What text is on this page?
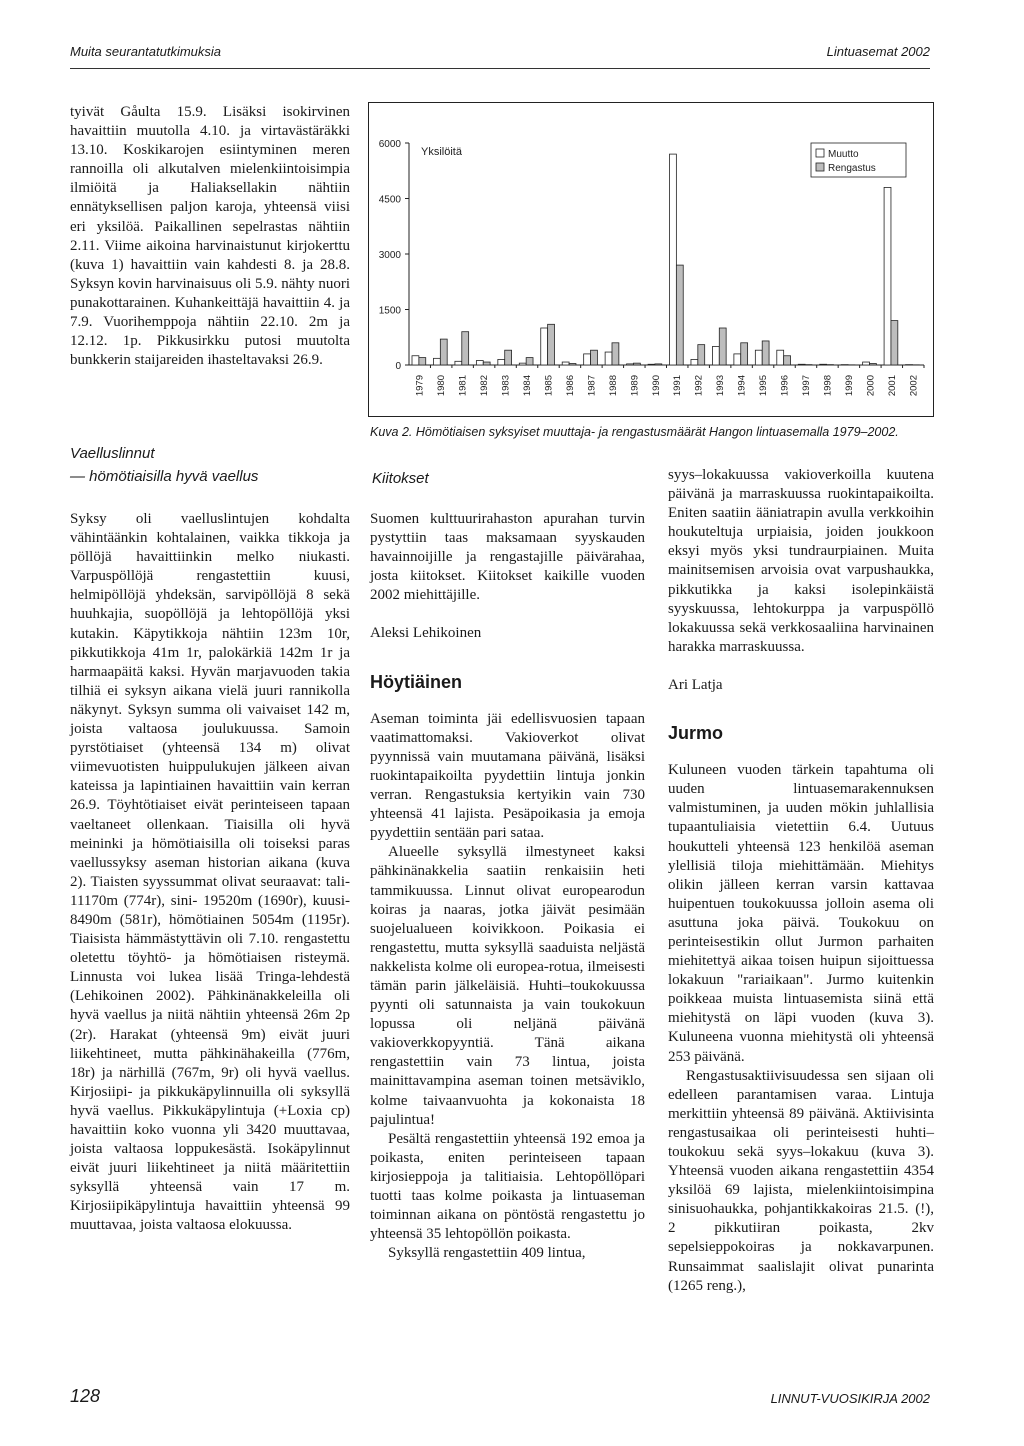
Muita seurantatutkimuksia	Lintuasemat 2002

tyivät Gåulta 15.9. Lisäksi isokirvinen havaittiin muutolla 4.10. ja virtavästäräkki 13.10. Koskikarojen esiintyminen meren rannoilla oli alkutalven mielenkiintoisimpia ilmiöitä ja Haliaksellakin nähtiin ennätyksellisen paljon karoja, yhteensä viisi eri yksilöä. Paikallinen sepelrastas nähtiin 2.11. Viime aikoina harvinaistunut kirjokerttu (kuva 1) havaittiin vain kahdesti 8. ja 28.8. Syksyn kovin harvinaisuus oli 5.9. nähty nuori punakottarainen. Kuhankeittäjä havaittiin 4. ja 7.9. Vuorihemppoja nähtiin 22.10. 2m ja 12.12. 1p. Pikkusirkku putosi muutolta bunkkerin staijareiden ihasteltavaksi 26.9.

Vaelluslinnut
— hömötiaisilla hyvä vaellus

Syksy oli vaelluslintujen kohdalta vähintäänkin kohtalainen, vaikka tikkoja ja pöllöjä havaittiinkin melko niukasti. Varpuspöllöjä rengastettiin kuusi, helmipöllöjä yhdeksän, sarvipöllöjä 8 sekä huuhkajia, suopöllöjä ja lehtopöllöjä yksi kutakin. Käpytikkoja nähtiin 123m 10r, pikkutikkoja 41m 1r, palokärkiä 142m 1r ja harmaapäitä kaksi. Hyvän marjavuoden takia tilhiä ei syksyn aikana vielä juuri rannikolla näkynyt. Syksyn summa oli vaivaiset 142 m, joista valtaosa joulukuussa. Samoin pyrstötiaiset (yhteensä 134 m) olivat viimevuotisten huippulukujen jälkeen aivan kateissa ja lapintiainen havaittiin vain kerran 26.9. Töyhtötiaiset eivät perinteiseen tapaan vaeltaneet ollenkaan. Tiaisilla oli hyvä meininki ja hömötiaisilla oli toiseksi paras vaellussyksy aseman historian aikana (kuva 2). Tiaisten syyssummat olivat seuraavat: tali- 11170m (774r), sini- 19520m (1690r), kuusi- 8490m (581r), hömötiainen 5054m (1195r). Tiaisista hämmästyttävin oli 7.10. rengastettu oletettu töyhtö- ja hömötiaisen risteymä. Linnusta voi lukea lisää Tringa-lehdestä (Lehikoinen 2002). Pähkinänakkeleilla oli hyvä vaellus ja niitä nähtiin yhteensä 26m 2p (2r). Harakat (yhteensä 9m) eivät juuri liikehtineet, mutta pähkinähakeilla (776m, 18r) ja närhillä (767m, 9r) oli hyvä vaellus. Kirjosiipi- ja pikkukäpylinnuilla oli syksyllä hyvä vaellus. Pikkukäpylintuja (+Loxia cp) havaittiin koko vuonna yli 3420 muuttavaa, joista valtaosa loppukesästä. Isokäpylinnut eivät juuri liikehtineet ja niitä määritettiin syksyllä yhteensä vain 17 m. Kirjosiipikäpylintuja havaittiin yhteensä 99 muuttavaa, joista valtaosa elokuussa.

0
1500
3000
4500
6000
Yksilöitä
1979 1980 1981 1982 1983 1984 1985 1986 1987 1988 1989 1990 1991 1992 1993 1994 1995 1996 1997 1998 1999 2000 2001 2002
Muutto
Rengastus
Kuva 2. Hömötiaisen syksyiset muuttaja- ja rengastusmäärät Hangon lintuasemalla 1979–2002.
Kiitokset

Suomen kulttuurirahaston apurahan turvin pystyttiin taas maksamaan syyskauden havainnoijille ja rengastajille päivärahaa, josta kiitokset. Kiitokset kaikille vuoden 2002 miehittäjille.

Aleksi Lehikoinen

Höytiäinen

Aseman toiminta jäi edellisvuosien tapaan vaatimattomaksi. Vakioverkot olivat pyynnissä vain muutamana päivänä, lisäksi ruokintapaikoilta pyydettiin lintuja jonkin verran. Rengastuksia kertyikin vain 730 yhteensä 41 lajista. Pesäpoikasia ja emoja pyydettiin sentään pari sataa.

Alueelle syksyllä ilmestyneet kaksi pähkinänakkelia saatiin renkaisiin heti tammikuussa. Linnut olivat europearodun koiras ja naaras, jotka jäivät pesimään suojelualueen koivikkoon. Poikasia ei rengastettu, mutta syksyllä saaduista neljästä nakkelista kolme oli europea-rotua, ilmeisesti tämän parin jälkeläisiä. Huhti–toukokuussa pyynti oli satunnaista ja vain toukokuun lopussa oli neljänä päivänä vakioverkkopyyntiä. Tänä aikana rengastettiin vain 73 lintua, joista mainittavampina aseman toinen metsäviklo, kolme taivaanvuohta ja kokonaista 18 pajulintua!

Pesältä rengastettiin yhteensä 192 emoa ja poikasta, eniten perinteiseen tapaan kirjosieppoja ja talitiaisia. Lehtopöllöpari tuotti taas kolme poikasta ja lintuaseman toiminnan aikana on pöntöstä rengastettu jo yhteensä 35 lehtopöllön poikasta.

Syksyllä rengastettiin 409 lintua,

syys–lokakuussa vakioverkoilla kuutena päivänä ja marraskuussa ruokintapaikoilta. Eniten saatiin ääniatrapin avulla verkkoihin houkuteltuja urpiaisia, joiden joukkoon eksyi myös yksi tundraurpiainen. Muita mainitsemisen arvoisia ovat varpushaukka, pikkutikka ja kaksi isolepinkäistä syyskuussa, lehtokurppa ja varpuspöllö lokakuussa sekä verkkosaaliina harvinainen harakka marraskuussa.

Ari Latja

Jurmo

Kuluneen vuoden tärkein tapahtuma oli uuden lintuasemarakennuksen valmistuminen, ja uuden mökin juhlallisia tupaantuliaisia vietettiin 6.4. Uutuus houkutteli yhteensä 123 henkilöä aseman ylellisiä tiloja miehittämään. Miehitys olikin jälleen kerran varsin kattavaa huipentuen toukokuussa jolloin asema oli asuttuna joka päivä. Toukokuu on perinteisestikin ollut Jurmon parhaiten miehitettyä aikaa toisen huipun sijoittuessa lokakuun "rariaikaan". Jurmo kuitenkin poikkeaa muista lintuasemista siinä että miehitystä on läpi vuoden (kuva 3). Kuluneena vuonna miehitystä oli yhteensä 253 päivänä.

Rengastusaktiivisuudessa sen sijaan oli edelleen parantamisen varaa. Lintuja merkittiin yhteensä 89 päivänä. Aktiivisinta rengastusaikaa oli perinteisesti huhti–toukokuu sekä syys–lokakuu (kuva 3). Yhteensä vuoden aikana rengastettiin 4354 yksilöä 69 lajista, mielenkiintoisimpina sinisuohaukka, pohjantikkakoiras 21.5. (!), 2 pikkutiiran poikasta, 2kv sepelsieppokoiras ja nokkavarpunen. Runsaimmat saalislajit olivat punarinta (1265 reng.),

128	LINNUT-VUOSIKIRJA 2002
